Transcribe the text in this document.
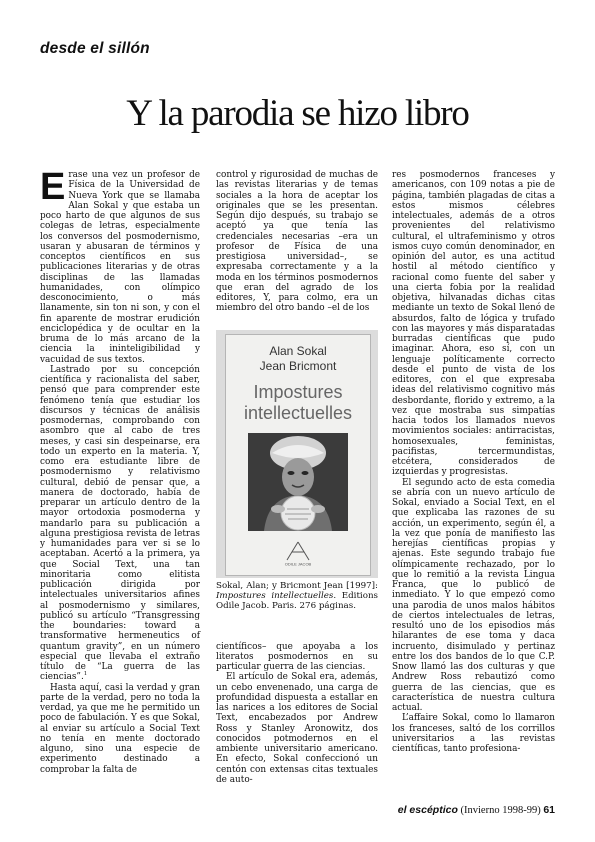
desde el sillón
Y la parodia se hizo libro

Erase una vez un profesor de Física de la Universidad de Nueva York que se llamaba Alan Sokal y que estaba un poco harto de que algunos de sus colegas de letras, especialmente los conversos del posmodernismo, usaran y abusaran de términos y conceptos científicos en sus publicaciones literarias y de otras disciplinas de las llamadas humanidades, con olímpico desconocimiento, o más llanamente, sin ton ni son, y con el fin aparente de mostrar erudición enciclopédica y de ocultar en la bruma de lo más arcano de la ciencia la ininteligibilidad y vacuidad de sus textos.

Lastrado por su concepción científica y racionalista del saber, pensó que para comprender este fenómeno tenía que estudiar los discursos y técnicas de análisis posmodernas, comprobando con asombro que al cabo de tres meses, y casi sin despeinarse, era todo un experto en la materia. Y, como era estudiante libre de posmodernismo y relativismo cultural, debió de pensar que, a manera de doctorado, había de preparar un artículo dentro de la mayor ortodoxia posmoderna y mandarlo para su publicación a alguna prestigiosa revista de letras y humanidades para ver si se lo aceptaban. Acertó a la primera, ya que Social Text, una tan minoritaria como elitista publicación dirigida por intelectuales universitarios afines al posmodernismo y similares, publicó su artículo “Transgressing the boundaries: toward a transformative hermeneutics of quantum gravity”, en un número especial que llevaba el extraño título de “La guerra de las ciencias”.$^1$

Hasta aquí, casi la verdad y gran parte de la verdad, pero no toda la verdad, ya que me he permitido un poco de fabulación. Y es que Sokal, al enviar su artículo a Social Text no tenía en mente doctorado alguno, sino una especie de experimento destinado a comprobar la falta de

control y rigurosidad de muchas de las revistas literarias y de temas sociales a la hora de aceptar los originales que se les presentan. Según dijo después, su trabajo se aceptó ya que tenía las credenciales necesarias –era un profesor de Física de una prestigiosa universidad–, se expresaba correctamente y a la moda en los términos posmodernos que eran del agrado de los editores, Y, para colmo, era un miembro del otro bando –el de los

científicos– que apoyaba a los literatos posmodernos en su particular guerra de las ciencias.

El artículo de Sokal era, además, un cebo envenenado, una carga de profundidad dispuesta a estallar en las narices a los editores de Social Text, encabezados por Andrew Ross y Stanley Aronowitz, dos conocidos potmodernos en el ambiente universitario americano. En efecto, Sokal confeccionó un centón con extensas citas textuales de auto-

Alan Sokal
Jean Bricmont
Impostures
intellectuelles
ODILE JACOB
Sokal, Alan; y Bricmont Jean [1997]: Impostures intellectuelles. Editions Odile Jacob. Paris. 276 páginas.

res posmodernos franceses y americanos, con 109 notas a pie de página, también plagadas de citas a estos mismos célebres intelectuales, además de a otros provenientes del relativismo cultural, el ultrafeminismo y otros ismos cuyo común denominador, en opinión del autor, es una actitud hostil al método científico y racional como fuente del saber y una cierta fobia por la realidad objetiva, hilvanadas dichas citas mediante un texto de Sokal llenó de absurdos, falto de lógica y trufado con las mayores y más disparatadas burradas científicas que pudo imaginar. Ahora, eso sí, con un lenguaje políticamente correcto desde el punto de vista de los editores, con el que expresaba ideas del relativismo cognitivo más desbordante, florido y extremo, a la vez que mostraba sus simpatías hacia todos los llamados nuevos movimientos sociales: antirracistas, homosexuales, feministas, pacifistas, tercermundistas, etcétera, considerados de izquierdas y progresistas.

El segundo acto de esta comedia se abría con un nuevo artículo de Sokal, enviado a Social Text, en el que explicaba las razones de su acción, un experimento, según él, a la vez que ponía de manifiesto las herejías científicas propias y ajenas. Este segundo trabajo fue olímpicamente rechazado, por lo que lo remitió a la revista Lingua Franca, que lo publicó de inmediato. Y lo que empezó como una parodia de unos malos hábitos de ciertos intelectuales de letras, resultó uno de los episodios más hilarantes de ese toma y daca incruento, disimulado y pertinaz entre los dos bandos de lo que C.P. Snow llamó las dos culturas y que Andrew Ross rebautizó como guerra de las ciencias, que es característica de nuestra cultura actual.

L’affaire Sokal, como lo llamaron los franceses, saltó de los corrillos universitarios a las revistas científicas, tanto profesiona-

el escéptico (Invierno 1998-99) 61
